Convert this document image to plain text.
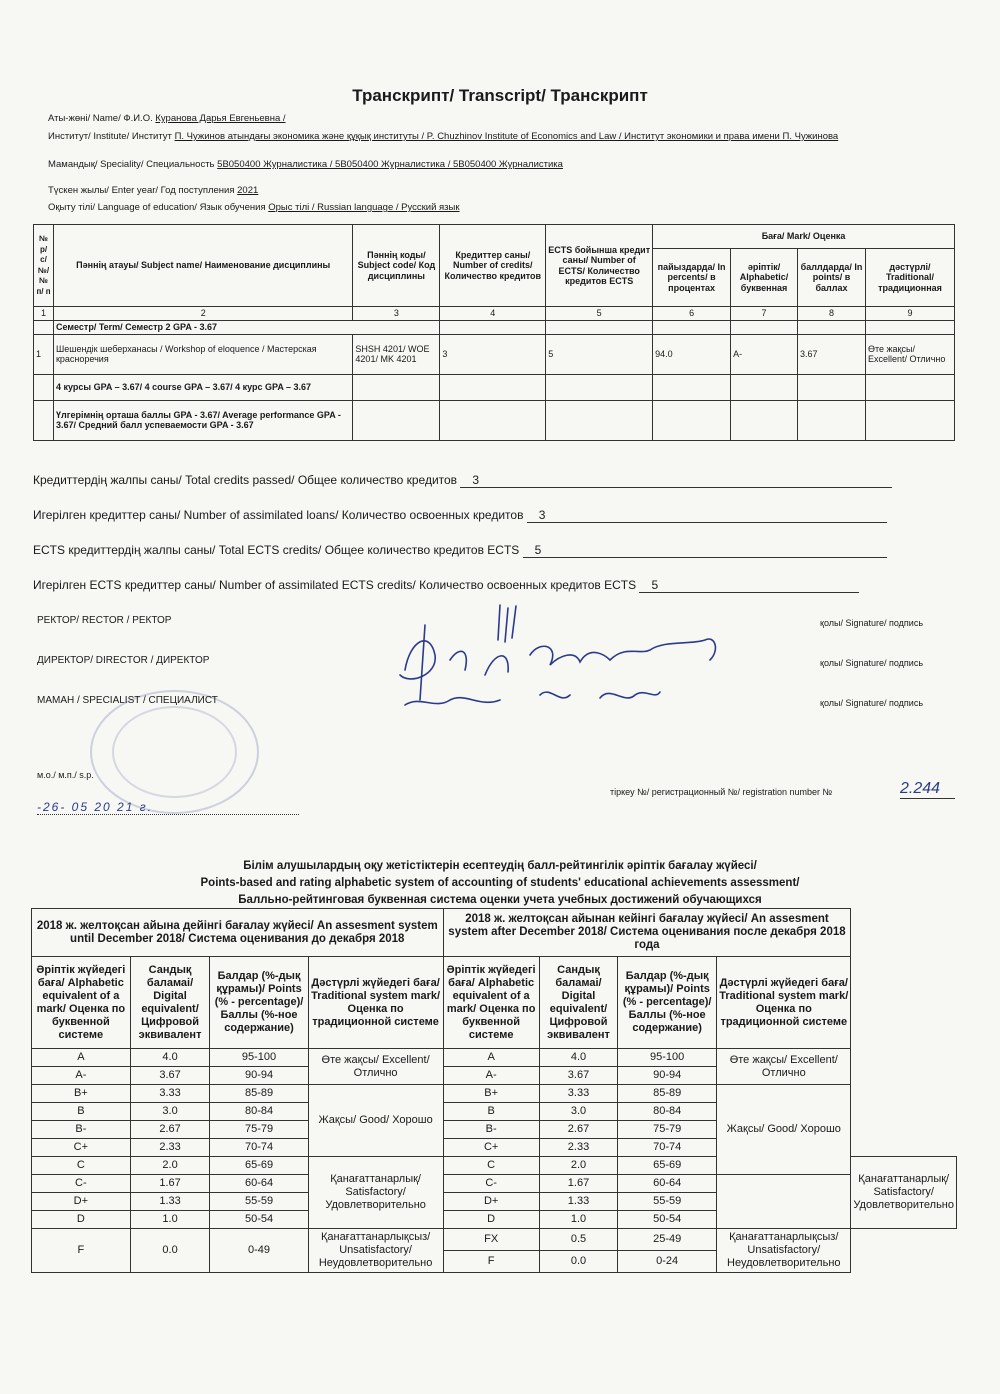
Транскрипт/ Transcript/ Транскрипт
Аты-жөні/ Name/ Ф.И.О. Куранова Дарья Евгеньевна /
Институт/ Institute/ Институт П. Чужинов атындағы экономика және құқық институты / P. Chuzhinov Institute of Economics and Law / Институт экономики и права имени П. Чужинова
Мамандық/ Speciality/ Специальность 5B050400 Журналистика / 5B050400 Журналистика / 5B050400 Журналистика
Түскен жылы/ Enter year/ Год поступления 2021
Оқыту тілі/ Language of education/ Язык обучения Орыс тілі / Russian language / Русский язык
№ р/ с/ №/ № п/ п	Пәннің атауы/ Subject name/ Наименование дисциплины	Пәннің коды/ Subject code/ Код дисциплины	Кредиттер саны/ Number of credits/ Количество кредитов	ECTS бойынша кредит саны/ Number of ECTS/ Количество кредитов ECTS	Баға/ Mark/ Оценка			
					пайыздарда/ In percents/ в процентах	әріптік/ Alphabetic/ буквенная	баллдарда/ In points/ в баллах	дәстүрлі/ Traditional/ традиционная
1	2	3	4	5	6	7	8	9
	Семестр/ Term/ Семестр 2 GPA - 3.67							
1	Шешендік шеберханасы / Workshop of eloquence / Мастерская красноречия	SHSH 4201/ WOE 4201/ MK 4201	3	5	94.0	A-	3.67	Өте жақсы/ Excellent/ Отлично
	4 курсы GPA – 3.67/ 4 course GPA – 3.67/ 4 курс GPA – 3.67							
	Үлгерімнің орташа баллы GPA - 3.67/ Average performance GPA - 3.67/ Средний балл успеваемости GPA - 3.67							
Кредиттердің жалпы саны/ Total credits passed/ Общее количество кредитов 3
Игерілген кредиттер саны/ Number of assimilated loans/ Количество освоенных кредитов 3
ECTS кредиттердің жалпы саны/ Total ECTS credits/ Общее количество кредитов ECTS 5
Игерілген ECTS кредиттер саны/ Number of assimilated ECTS credits/ Количество освоенных кредитов ECTS 5
РЕКТОР/ RECTOR / РЕКТОР
ДИРЕКТОР/ DIRECTOR / ДИРЕКТОР
МАМАН / SPECIALIST / СПЕЦИАЛИСТ
қолы/ Signature/ подпись
қолы/ Signature/ подпись
қолы/ Signature/ подпись
м.о./ м.п./ s.p.
-26- 05 20 21 г.
тіркеу №/ регистрационный №/ registration number №	2.244
Білім алушылардың оқу жетістіктерін есептеудің балл-рейтингілік әріптік бағалау жүйесі/
Points-based and rating alphabetic system of accounting of students' educational achievements assessment/
Балльно-рейтинговая буквенная система оценки учета учебных достижений обучающихся
2018 ж. желтоқсан айына дейінгі бағалау жүйесі/ An assesment system until December 2018/ Система оценивания до декабря 2018				2018 ж. желтоқсан айынан кейінгі бағалау жүйесі/ An assesment system after December 2018/ Система оценивания после декабря 2018 года				
Әріптік жүйедегі баға/ Alphabetic equivalent of a mark/ Оценка по буквенной системе	Сандық баламаі/ Digital equivalent/ Цифровой эквивалент	Балдар (%-дық құрамы)/ Points (% - percentage)/ Баллы (%-ное содержание)	Дәстүрлі жүйедегі баға/ Traditional system mark/ Оценка по традиционной системе	Әріптік жүйедегі баға/ Alphabetic equivalent of a mark/ Оценка по буквенной системе	Сандық баламаі/ Digital equivalent/ Цифровой эквивалент	Балдар (%-дық құрамы)/ Points (% - percentage)/ Баллы (%-ное содержание)	Дәстүрлі жүйедегі баға/ Traditional system mark/ Оценка по традиционной системе	
A	4.0	95-100	Өте жақсы/ Excellent/ Отлично	A	4.0	95-100	Өте жақсы/ Excellent/ Отлично	
A-	3.67	90-94		A-	3.67	90-94		
B+	3.33	85-89	Жақсы/ Good/ Хорошо	B+	3.33	85-89	Жақсы/ Good/ Хорошо	
B	3.0	80-84		B	3.0	80-84		
B-	2.67	75-79		B-	2.67	75-79		
C+	2.33	70-74		C+	2.33	70-74		
C	2.0	65-69	Қанағаттанарлық/ Satisfactory/ Удовлетворительно	C	2.0	65-69		Қанағаттанарлық/ Satisfactory/ Удовлетворительно
C-	1.67	60-64		C-	1.67	60-64		
D+	1.33	55-59		D+	1.33	55-59		
D	1.0	50-54		D	1.0	50-54		
F	0.0	0-49	Қанағаттанарлықсыз/ Unsatisfactory/ Неудовлетворительно	FX	0.5	25-49	Қанағаттанарлықсыз/ Unsatisfactory/ Неудовлетворительно	
				F	0.0	0-24		
